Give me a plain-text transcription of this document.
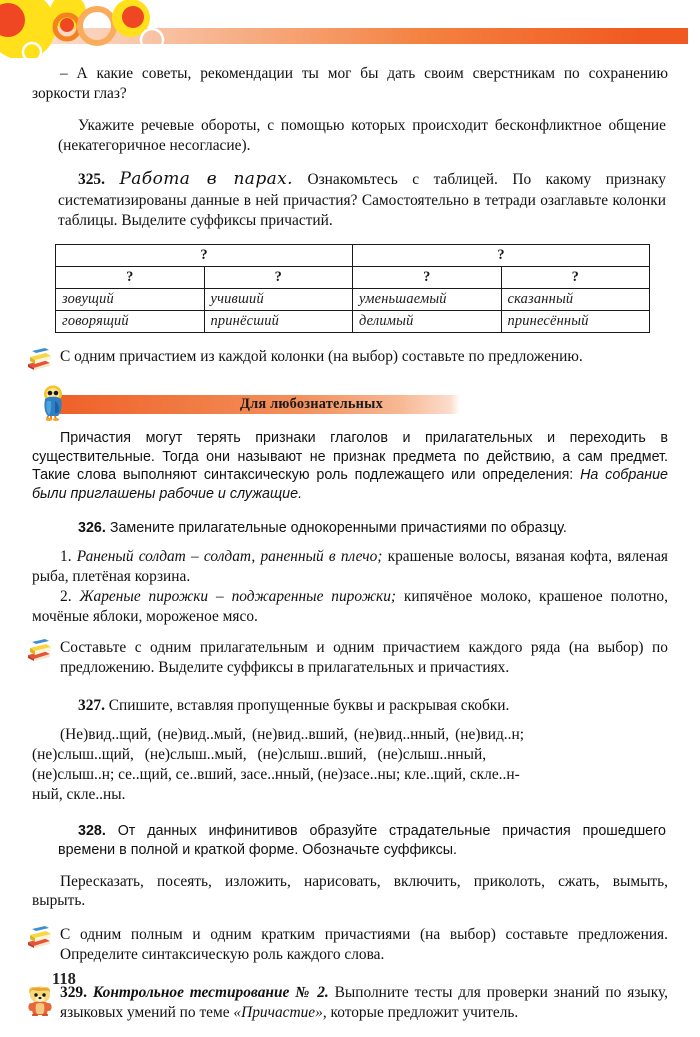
– А какие советы, рекомендации ты мог бы дать своим сверстникам по сохранению зоркости глаз?

Укажите речевые обороты, с помощью которых происходит бесконфликтное общение (некатегоричное несогласие).

325. Работа в парах. Ознакомьтесь с таблицей. По какому признаку систематизированы данные в ней причастия? Самостоятельно в тетради озаглавьте колонки таблицы. Выделите суффиксы причастий.

?		?	
?	?	?	?
зовущий	учивший	уменьшаемый	сказанный
говорящий	принёсший	делимый	принесённый
С одним причастием из каждой колонки (на выбор) составьте по предложению.
Для любознательных

Причастия могут терять признаки глаголов и прилагательных и переходить в существительные. Тогда они называют не признак предмета по действию, а сам предмет. Такие слова выполняют синтаксическую роль подлежащего или определения: На собрание были приглашены рабочие и служащие.

326. Замените прилагательные однокоренными причастиями по образцу.

1. Раненый солдат – солдат, раненный в плечо; крашеные волосы, вязаная кофта, вяленая рыба, плетёная корзина.

2. Жареные пирожки – поджаренные пирожки; кипячёное молоко, крашеное полотно, мочёные яблоки, мороженое мясо.

Составьте с одним прилагательным и одним причастием каждого ряда (на выбор) по предложению. Выделите суффиксы в прилагательных и причастиях.

327. Спишите, вставляя пропущенные буквы и раскрывая скобки.

(Не)вид..щий, (не)вид..мый, (не)вид..вший, (не)вид..нный, (не)вид..н;

(не)слыш..щий, (не)слыш..мый, (не)слыш..вший, (не)слыш..нный,

(не)слыш..н; се..щий, се..вший, засе..нный, (не)засе..ны; кле..щий, скле..н-

ный, скле..ны.

328. От данных инфинитивов образуйте страдательные причастия прошедшего времени в полной и краткой форме. Обозначьте суффиксы.

Пересказать, посеять, изложить, нарисовать, включить, приколоть, сжать, вымыть, вырыть.

С одним полным и одним кратким причастиями (на выбор) составьте предложения. Определите синтаксическую роль каждого слова.
329. Контрольное тестирование № 2. Выполните тесты для проверки знаний по языку, языковых умений по теме «Причастие», которые предложит учитель.
118
